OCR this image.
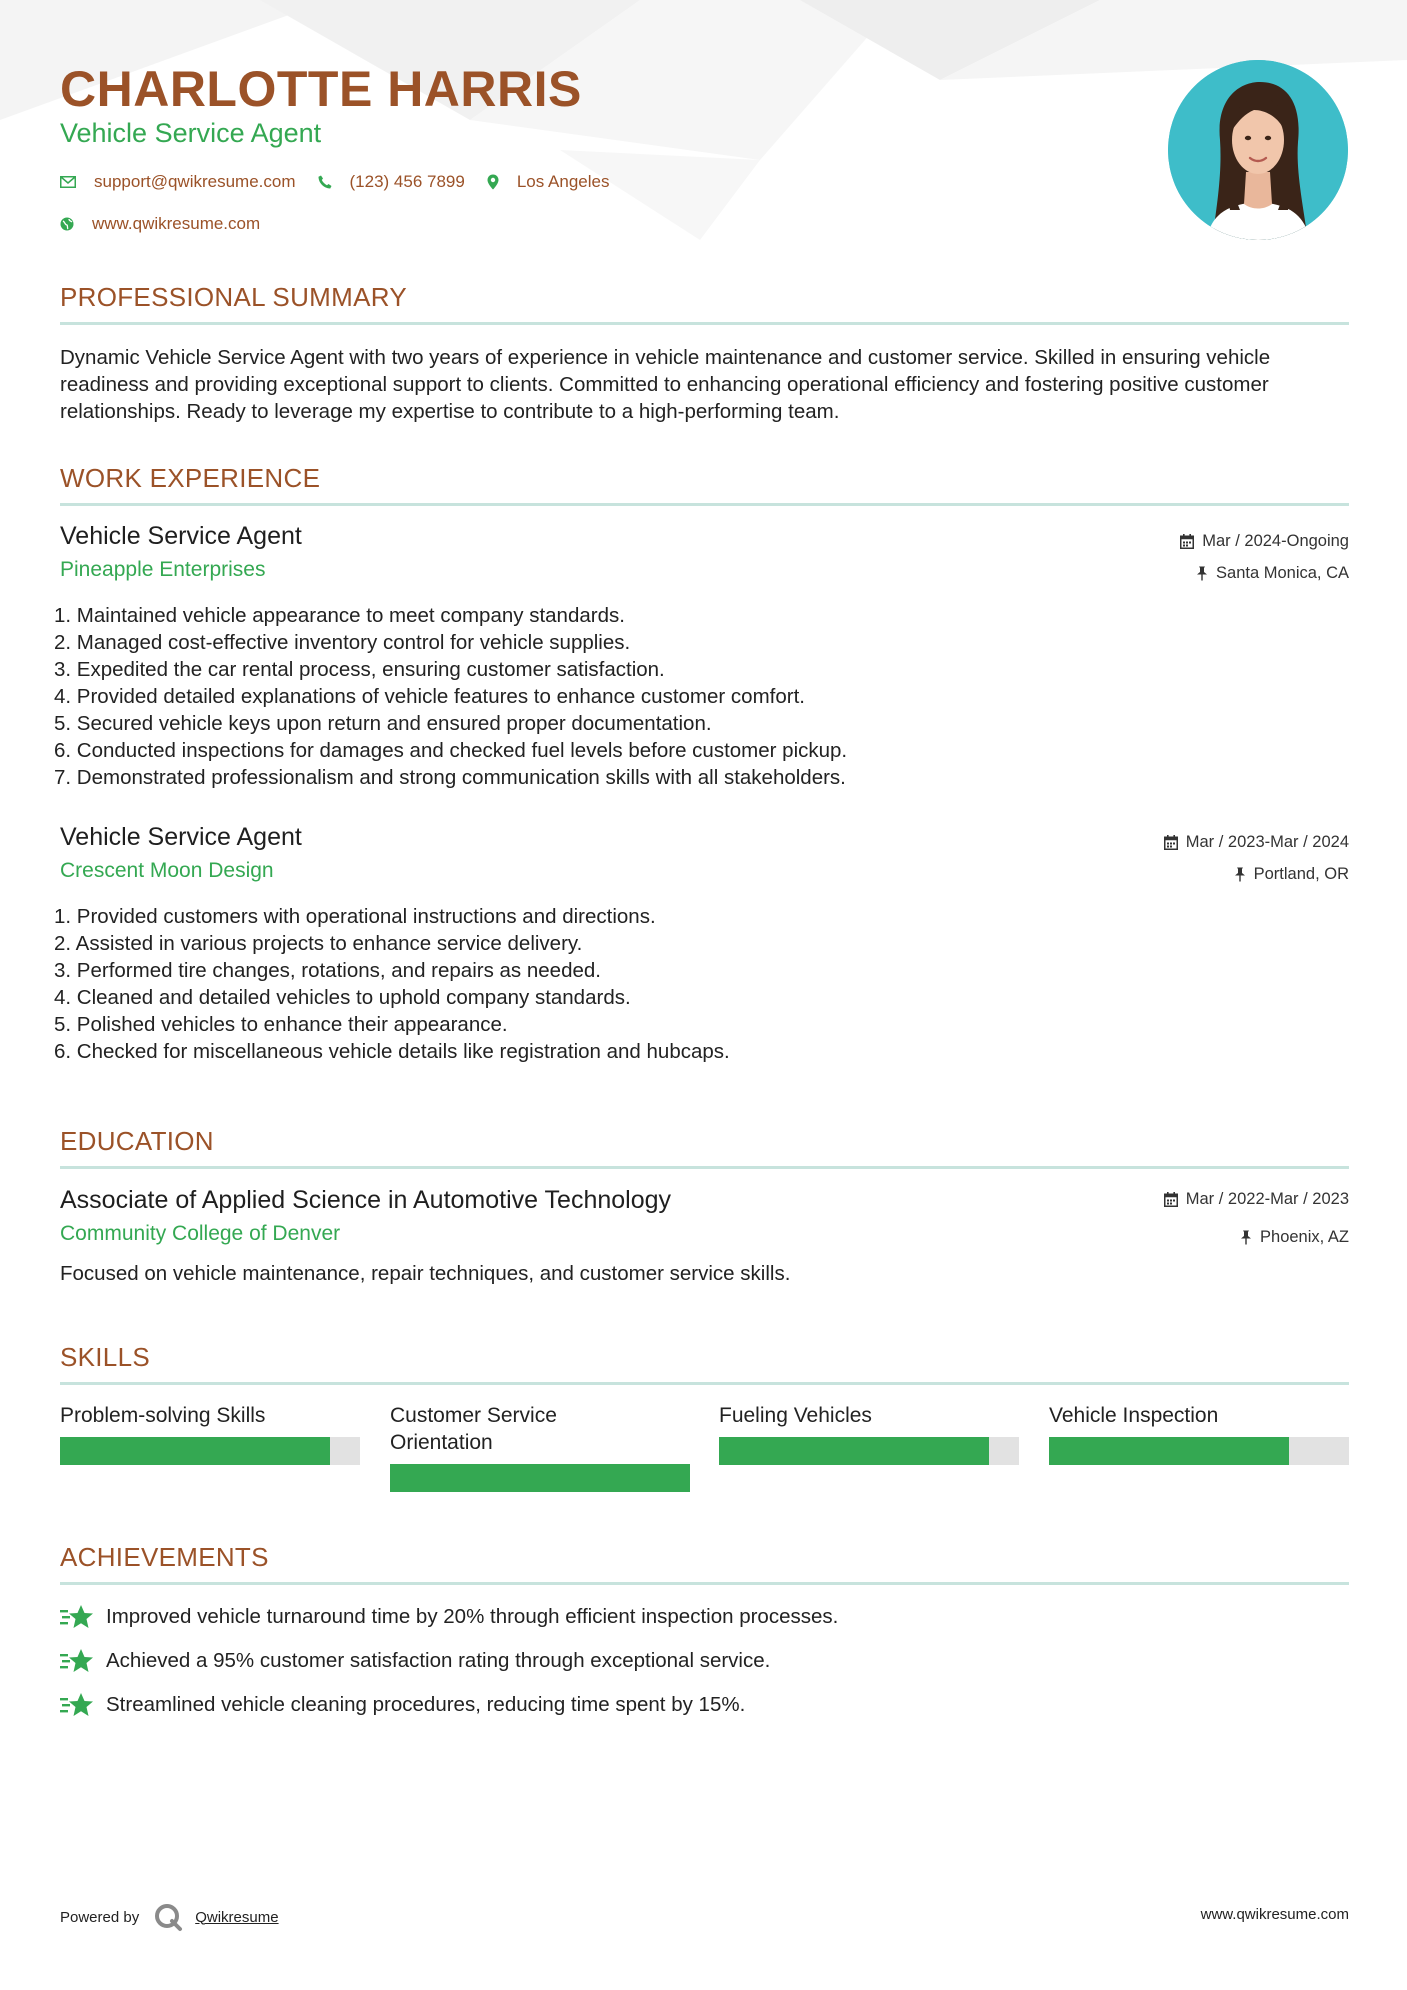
CHARLOTTE HARRIS
Vehicle Service Agent
support@qwikresume.com	(123) 456 7899	Los Angeles
www.qwikresume.com
PROFESSIONAL SUMMARY
Dynamic Vehicle Service Agent with two years of experience in vehicle maintenance and customer service. Skilled in ensuring vehicle readiness and providing exceptional support to clients. Committed to enhancing operational efficiency and fostering positive customer relationships. Ready to leverage my expertise to contribute to a high-performing team.
WORK EXPERIENCE
Vehicle Service Agent
Pineapple Enterprises
Mar / 2024-Ongoing
Santa Monica, CA
1. Maintained vehicle appearance to meet company standards.
2. Managed cost-effective inventory control for vehicle supplies.
3. Expedited the car rental process, ensuring customer satisfaction.
4. Provided detailed explanations of vehicle features to enhance customer comfort.
5. Secured vehicle keys upon return and ensured proper documentation.
6. Conducted inspections for damages and checked fuel levels before customer pickup.
7. Demonstrated professionalism and strong communication skills with all stakeholders.
Vehicle Service Agent
Crescent Moon Design
Mar / 2023-Mar / 2024
Portland, OR
1. Provided customers with operational instructions and directions.
2. Assisted in various projects to enhance service delivery.
3. Performed tire changes, rotations, and repairs as needed.
4. Cleaned and detailed vehicles to uphold company standards.
5. Polished vehicles to enhance their appearance.
6. Checked for miscellaneous vehicle details like registration and hubcaps.
EDUCATION
Associate of Applied Science in Automotive Technology
Community College of Denver
Mar / 2022-Mar / 2023
Phoenix, AZ
Focused on vehicle maintenance, repair techniques, and customer service skills.
SKILLS
Problem-solving Skills	Customer Service Orientation
Fueling Vehicles	Vehicle Inspection
ACHIEVEMENTS
Improved vehicle turnaround time by 20% through efficient inspection processes.
Achieved a 95% customer satisfaction rating through exceptional service.
Streamlined vehicle cleaning procedures, reducing time spent by 15%.
Powered by	Qwikresume	www.qwikresume.com
